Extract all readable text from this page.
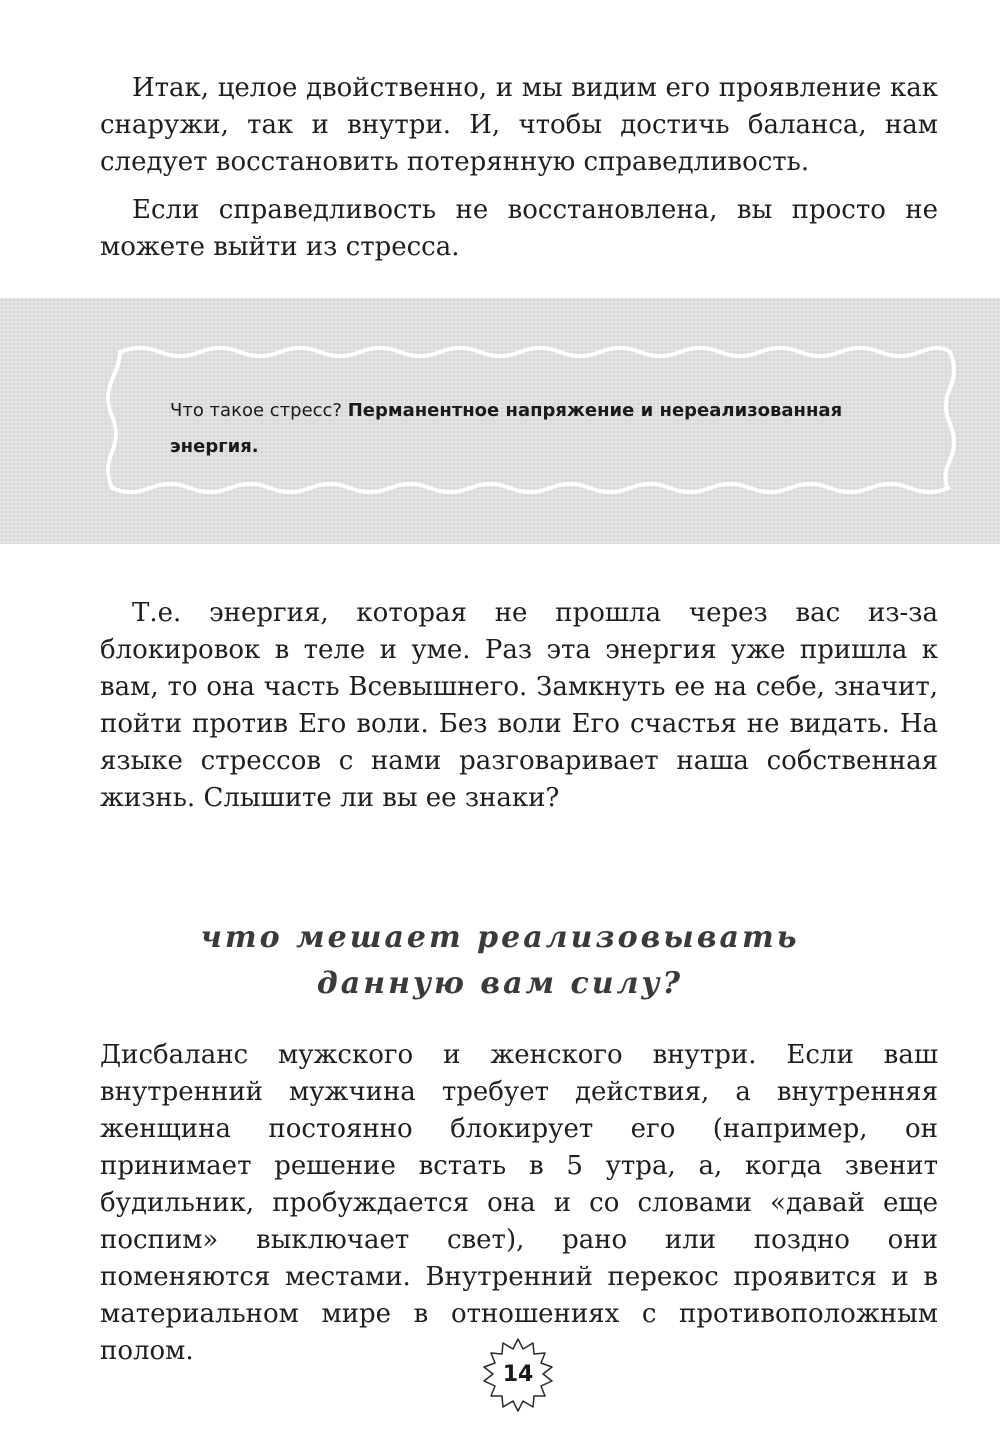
Итак, целое двойственно, и мы видим его проявление как снаружи, так и внутри. И, чтобы достичь баланса, нам следует восстановить потерянную справедливость.

Если справедливость не восстановлена, вы просто не можете выйти из стресса.

Что такое стресс? Перманентное напряжение и нереализованная энергия.

Т.е. энергия, которая не прошла через вас из-за блокировок в теле и уме. Раз эта энергия уже пришла к вам, то она часть Всевышнего. Замкнуть ее на себе, значит, пойти против Его воли. Без воли Его счастья не видать. На языке стрессов с нами разговаривает наша собственная жизнь. Слышите ли вы ее знаки?

что мешает реализовывать
данную вам силу?

Дисбаланс мужского и женского внутри. Если ваш внутренний мужчина требует действия, а внутренняя женщина постоянно блокирует его (например, он принимает решение встать в 5 утра, а, когда звенит будильник, пробуждается она и со словами «давай еще поспим» выключает свет), рано или поздно они поменяются местами. Внутренний перекос проявится и в материальном мире в отношениях с противоположным полом.

14
